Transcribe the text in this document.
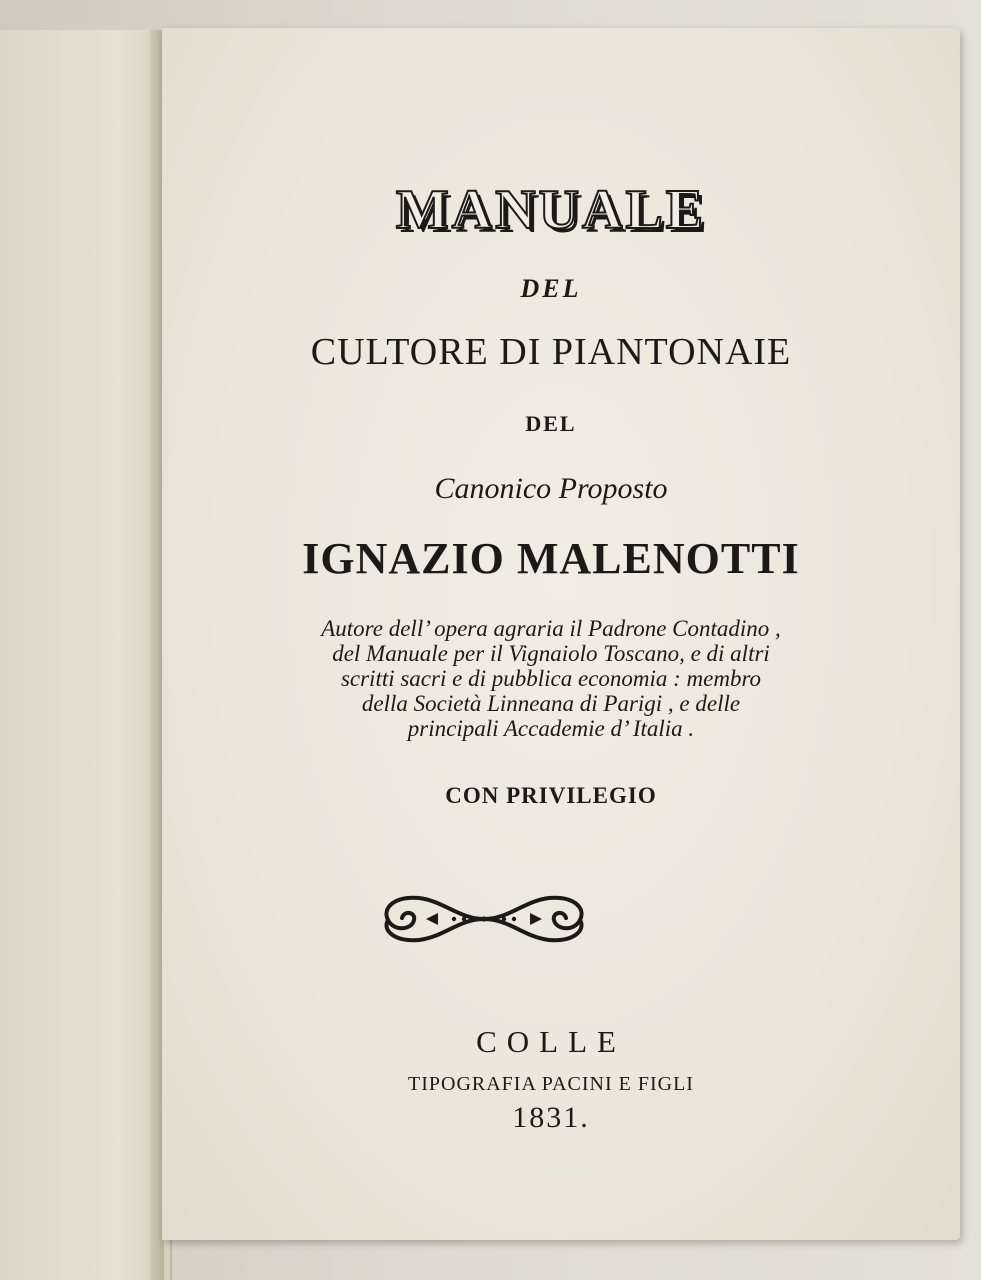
MANUALE
DEL
CULTORE DI PIANTONAIE
DEL
Canonico Proposto
IGNAZIO MALENOTTI
Autore dell’ opera agraria il Padrone Contadino ,
del Manuale per il Vignaiolo Toscano, e di altri
scritti sacri e di pubblica economia : membro
della Società Linneana di Parigi , e delle
principali Accademie d’ Italia .
CON PRIVILEGIO
COLLE
TIPOGRAFIA PACINI E FIGLI
1831.
